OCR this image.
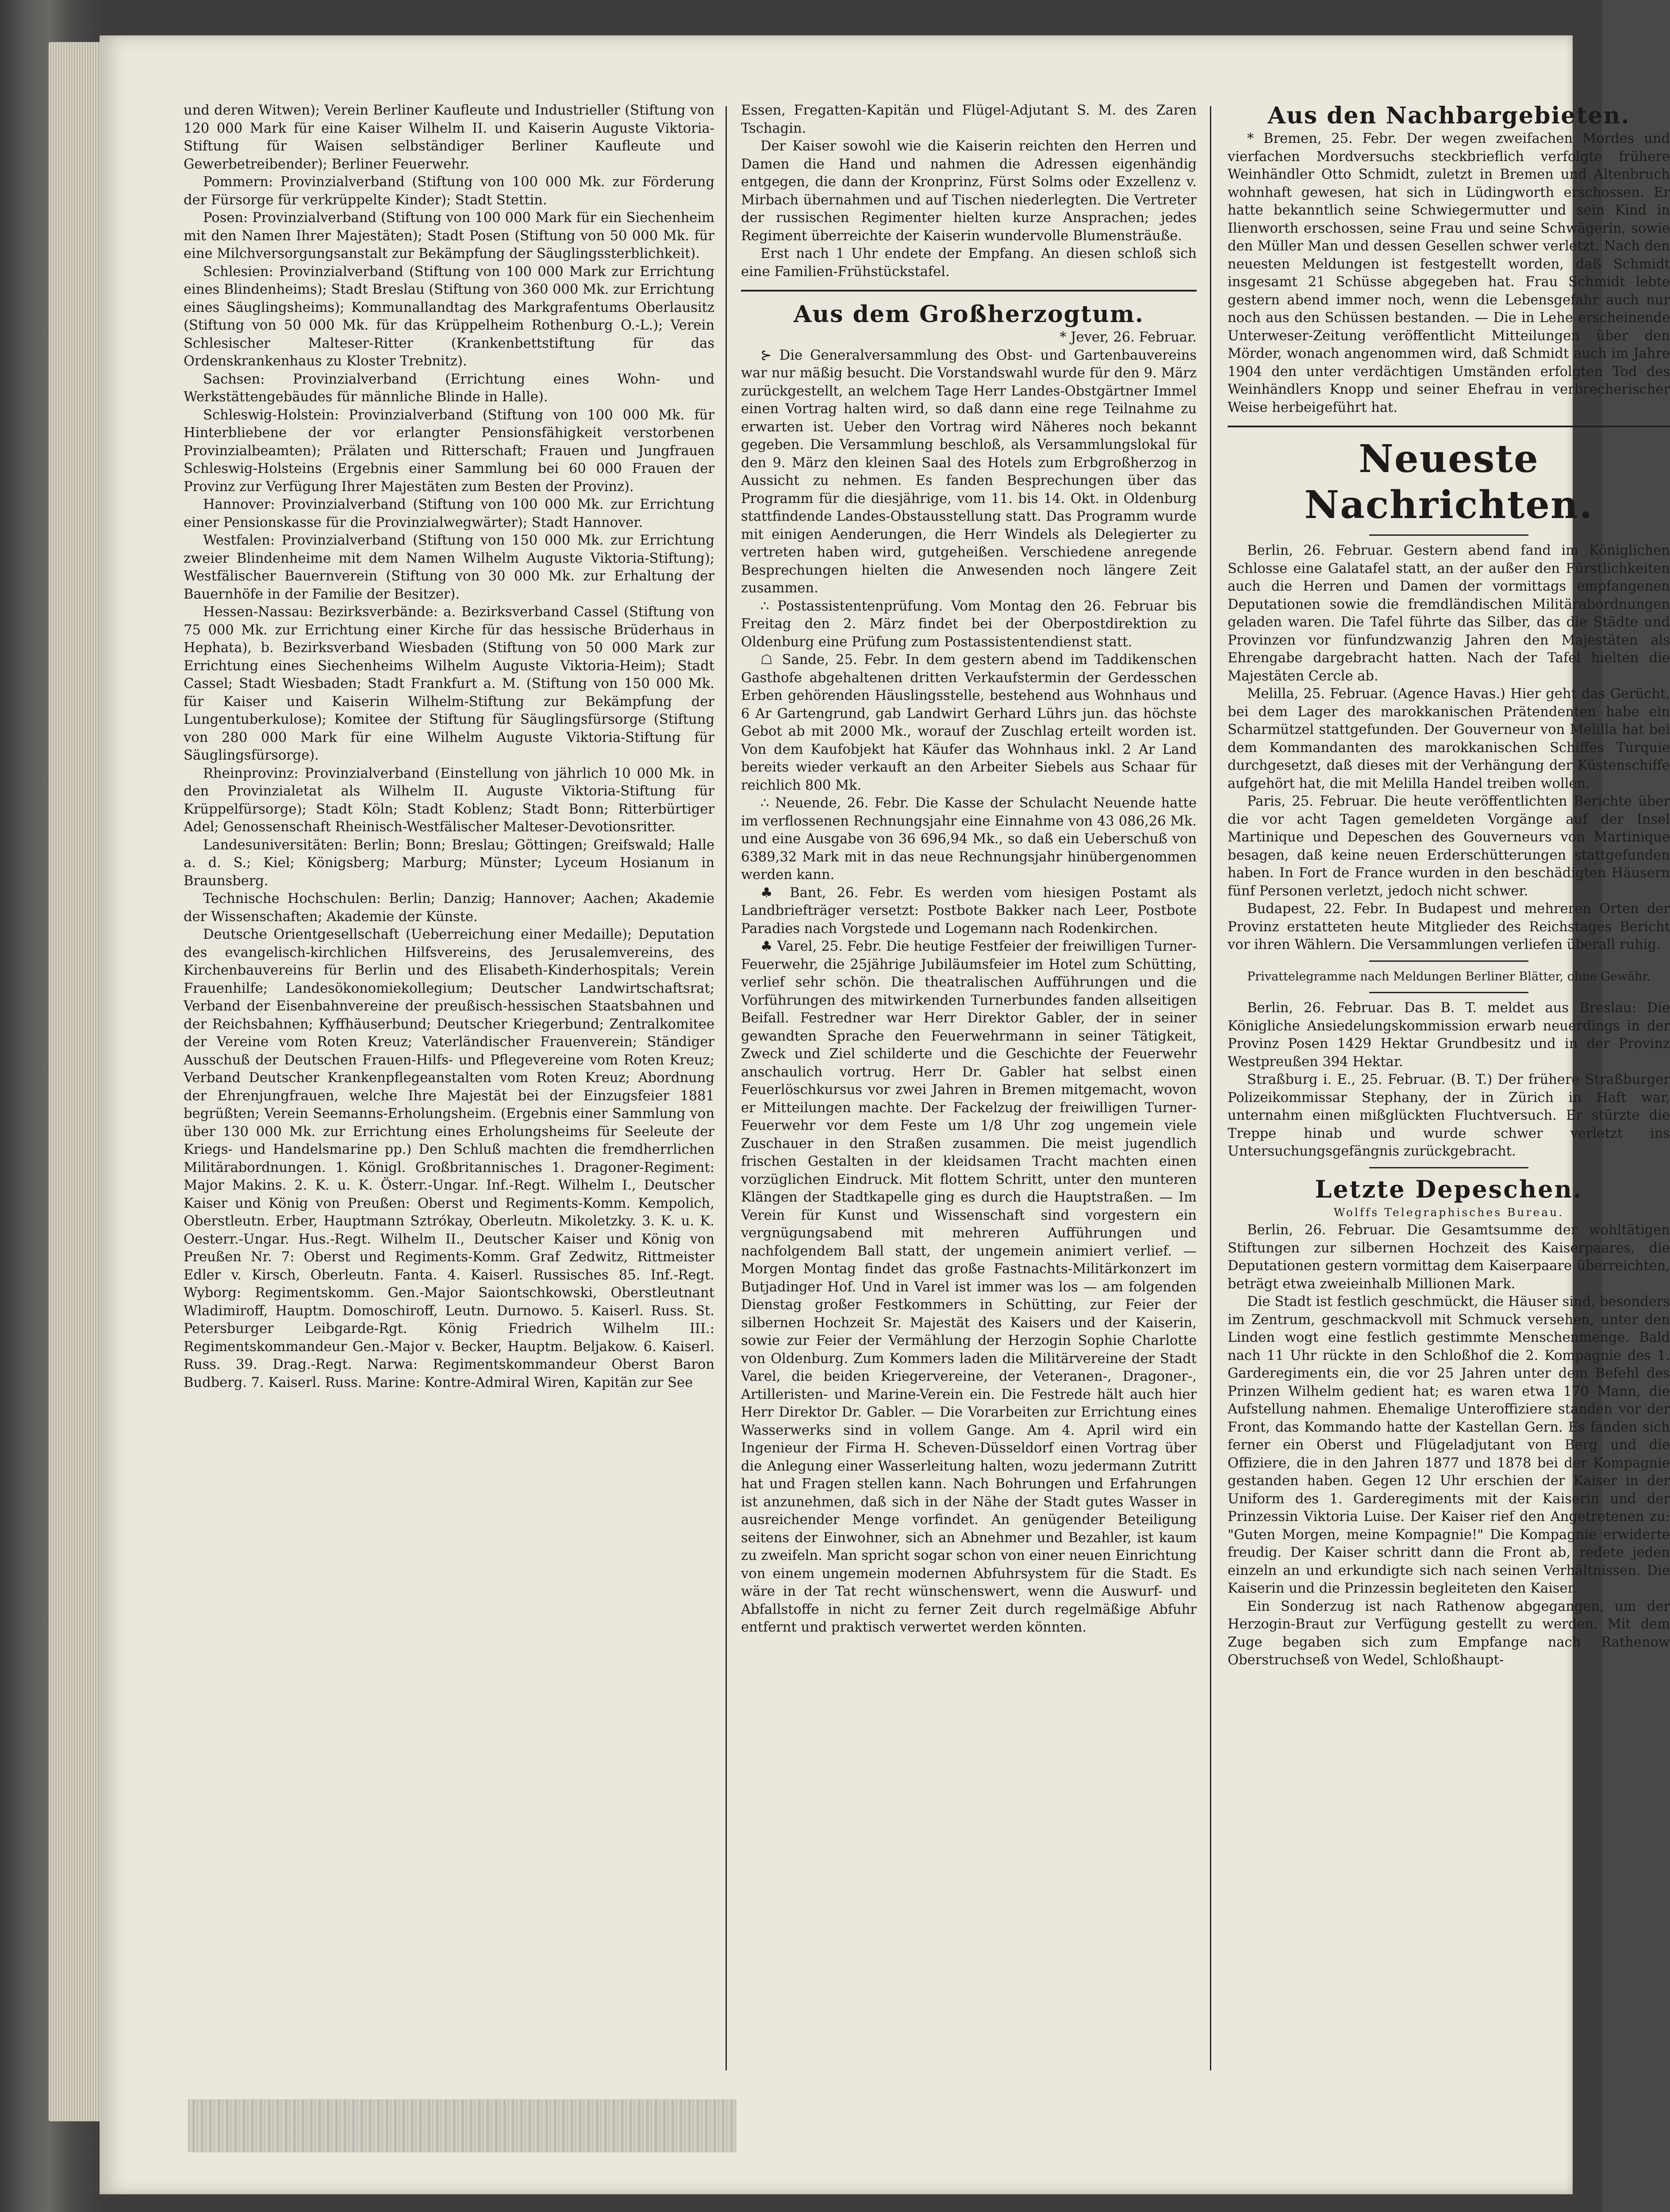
und deren Witwen); Verein Berliner Kaufleute und Industrieller (Stiftung von 120 000 Mark für eine Kaiser Wilhelm II. und Kaiserin Auguste Viktoria-Stiftung für Waisen selbständiger Berliner Kaufleute und Gewerbetreibender); Berliner Feuerwehr.

Pommern: Provinzialverband (Stiftung von 100 000 Mk. zur Förderung der Fürsorge für verkrüppelte Kinder); Stadt Stettin.

Posen: Provinzialverband (Stiftung von 100 000 Mark für ein Siechenheim mit den Namen Ihrer Majestäten); Stadt Posen (Stiftung von 50 000 Mk. für eine Milchversorgungsanstalt zur Bekämpfung der Säuglingssterblichkeit).

Schlesien: Provinzialverband (Stiftung von 100 000 Mark zur Errichtung eines Blindenheims); Stadt Breslau (Stiftung von 360 000 Mk. zur Errichtung eines Säuglingsheims); Kommunallandtag des Markgrafentums Oberlausitz (Stiftung von 50 000 Mk. für das Krüppelheim Rothenburg O.-L.); Verein Schlesischer Malteser-Ritter (Krankenbettstiftung für das Ordenskrankenhaus zu Kloster Trebnitz).

Sachsen: Provinzialverband (Errichtung eines Wohn- und Werkstättengebäudes für männliche Blinde in Halle).

Schleswig-Holstein: Provinzialverband (Stiftung von 100 000 Mk. für Hinterbliebene der vor erlangter Pensionsfähigkeit verstorbenen Provinzialbeamten); Prälaten und Ritterschaft; Frauen und Jungfrauen Schleswig-Holsteins (Ergebnis einer Sammlung bei 60 000 Frauen der Provinz zur Verfügung Ihrer Majestäten zum Besten der Provinz).

Hannover: Provinzialverband (Stiftung von 100 000 Mk. zur Errichtung einer Pensionskasse für die Provinzialwegwärter); Stadt Hannover.

Westfalen: Provinzialverband (Stiftung von 150 000 Mk. zur Errichtung zweier Blindenheime mit dem Namen Wilhelm Auguste Viktoria-Stiftung); Westfälischer Bauernverein (Stiftung von 30 000 Mk. zur Erhaltung der Bauernhöfe in der Familie der Besitzer).

Hessen-Nassau: Bezirksverbände: a. Bezirksverband Cassel (Stiftung von 75 000 Mk. zur Errichtung einer Kirche für das hessische Brüderhaus in Hephata), b. Bezirksverband Wiesbaden (Stiftung von 50 000 Mark zur Errichtung eines Siechenheims Wilhelm Auguste Viktoria-Heim); Stadt Cassel; Stadt Wiesbaden; Stadt Frankfurt a. M. (Stiftung von 150 000 Mk. für Kaiser und Kaiserin Wilhelm-Stiftung zur Bekämpfung der Lungentuberkulose); Komitee der Stiftung für Säuglingsfürsorge (Stiftung von 280 000 Mark für eine Wilhelm Auguste Viktoria-Stiftung für Säuglingsfürsorge).

Rheinprovinz: Provinzialverband (Einstellung von jährlich 10 000 Mk. in den Provinzialetat als Wilhelm II. Auguste Viktoria-Stiftung für Krüppelfürsorge); Stadt Köln; Stadt Koblenz; Stadt Bonn; Ritterbürtiger Adel; Genossenschaft Rheinisch-Westfälischer Malteser-Devotionsritter.

Landesuniversitäten: Berlin; Bonn; Breslau; Göttingen; Greifswald; Halle a. d. S.; Kiel; Königsberg; Marburg; Münster; Lyceum Hosianum in Braunsberg.

Technische Hochschulen: Berlin; Danzig; Hannover; Aachen; Akademie der Wissenschaften; Akademie der Künste.

Deutsche Orientgesellschaft (Ueberreichung einer Medaille); Deputation des evangelisch-kirchlichen Hilfsvereins, des Jerusalemvereins, des Kirchenbauvereins für Berlin und des Elisabeth-Kinderhospitals; Verein Frauenhilfe; Landesökonomiekollegium; Deutscher Landwirtschaftsrat; Verband der Eisenbahnvereine der preußisch-hessischen Staatsbahnen und der Reichsbahnen; Kyffhäuserbund; Deutscher Kriegerbund; Zentralkomitee der Vereine vom Roten Kreuz; Vaterländischer Frauenverein; Ständiger Ausschuß der Deutschen Frauen-Hilfs- und Pflegevereine vom Roten Kreuz; Verband Deutscher Krankenpflegeanstalten vom Roten Kreuz; Abordnung der Ehrenjungfrauen, welche Ihre Majestät bei der Einzugsfeier 1881 begrüßten; Verein Seemanns-Erholungsheim. (Ergebnis einer Sammlung von über 130 000 Mk. zur Errichtung eines Erholungsheims für Seeleute der Kriegs- und Handelsmarine pp.) Den Schluß machten die fremdherrlichen Militärabordnungen. 1. Königl. Großbritannisches 1. Dragoner-Regiment: Major Makins. 2. K. u. K. Österr.-Ungar. Inf.-Regt. Wilhelm I., Deutscher Kaiser und König von Preußen: Oberst und Regiments-Komm. Kempolich, Oberstleutn. Erber, Hauptmann Sztrókay, Oberleutn. Mikoletzky. 3. K. u. K. Oesterr.-Ungar. Hus.-Regt. Wilhelm II., Deutscher Kaiser und König von Preußen Nr. 7: Oberst und Regiments-Komm. Graf Zedwitz, Rittmeister Edler v. Kirsch, Oberleutn. Fanta. 4. Kaiserl. Russisches 85. Inf.-Regt. Wyborg: Regimentskomm. Gen.-Major Saiontschkowski, Oberstleutnant Wladimiroff, Hauptm. Domoschiroff, Leutn. Durnowo. 5. Kaiserl. Russ. St. Petersburger Leibgarde-Rgt. König Friedrich Wilhelm III.: Regimentskommandeur Gen.-Major v. Becker, Hauptm. Beljakow. 6. Kaiserl. Russ. 39. Drag.-Regt. Narwa: Regimentskommandeur Oberst Baron Budberg. 7. Kaiserl. Russ. Marine: Kontre-Admiral Wiren, Kapitän zur See

Essen, Fregatten-Kapitän und Flügel-Adjutant S. M. des Zaren Tschagin.

Der Kaiser sowohl wie die Kaiserin reichten den Herren und Damen die Hand und nahmen die Adressen eigenhändig entgegen, die dann der Kronprinz, Fürst Solms oder Exzellenz v. Mirbach übernahmen und auf Tischen niederlegten. Die Vertreter der russischen Regimenter hielten kurze Ansprachen; jedes Regiment überreichte der Kaiserin wundervolle Blumensträuße.

Erst nach 1 Uhr endete der Empfang. An diesen schloß sich eine Familien-Frühstückstafel.

Aus dem Großherzogtum.

* Jever, 26. Februar.

⊱ Die Generalversammlung des Obst- und Gartenbauvereins war nur mäßig besucht. Die Vorstandswahl wurde für den 9. März zurückgestellt, an welchem Tage Herr Landes-Obstgärtner Immel einen Vortrag halten wird, so daß dann eine rege Teilnahme zu erwarten ist. Ueber den Vortrag wird Näheres noch bekannt gegeben. Die Versammlung beschloß, als Versammlungslokal für den 9. März den kleinen Saal des Hotels zum Erbgroßherzog in Aussicht zu nehmen. Es fanden Besprechungen über das Programm für die diesjährige, vom 11. bis 14. Okt. in Oldenburg stattfindende Landes-Obstausstellung statt. Das Programm wurde mit einigen Aenderungen, die Herr Windels als Delegierter zu vertreten haben wird, gutgeheißen. Verschiedene anregende Besprechungen hielten die Anwesenden noch längere Zeit zusammen.

∴ Postassistentenprüfung. Vom Montag den 26. Februar bis Freitag den 2. März findet bei der Oberpostdirektion zu Oldenburg eine Prüfung zum Postassistentendienst statt.

☖ Sande, 25. Febr. In dem gestern abend im Taddikenschen Gasthofe abgehaltenen dritten Verkaufstermin der Gerdesschen Erben gehörenden Häuslingsstelle, bestehend aus Wohnhaus und 6 Ar Gartengrund, gab Landwirt Gerhard Lührs jun. das höchste Gebot ab mit 2000 Mk., worauf der Zuschlag erteilt worden ist. Von dem Kaufobjekt hat Käufer das Wohnhaus inkl. 2 Ar Land bereits wieder verkauft an den Arbeiter Siebels aus Schaar für reichlich 800 Mk.

∴ Neuende, 26. Febr. Die Kasse der Schulacht Neuende hatte im verflossenen Rechnungsjahr eine Einnahme von 43 086,26 Mk. und eine Ausgabe von 36 696,94 Mk., so daß ein Ueberschuß von 6389,32 Mark mit in das neue Rechnungsjahr hinübergenommen werden kann.

♣ Bant, 26. Febr. Es werden vom hiesigen Postamt als Landbriefträger versetzt: Postbote Bakker nach Leer, Postbote Paradies nach Vorgstede und Logemann nach Rodenkirchen.

♣ Varel, 25. Febr. Die heutige Festfeier der freiwilligen Turner-Feuerwehr, die 25jährige Jubiläumsfeier im Hotel zum Schütting, verlief sehr schön. Die theatralischen Aufführungen und die Vorführungen des mitwirkenden Turnerbundes fanden allseitigen Beifall. Festredner war Herr Direktor Gabler, der in seiner gewandten Sprache den Feuerwehrmann in seiner Tätigkeit, Zweck und Ziel schilderte und die Geschichte der Feuerwehr anschaulich vortrug. Herr Dr. Gabler hat selbst einen Feuerlöschkursus vor zwei Jahren in Bremen mitgemacht, wovon er Mitteilungen machte. Der Fackelzug der freiwilligen Turner-Feuerwehr vor dem Feste um 1/8 Uhr zog ungemein viele Zuschauer in den Straßen zusammen. Die meist jugendlich frischen Gestalten in der kleidsamen Tracht machten einen vorzüglichen Eindruck. Mit flottem Schritt, unter den munteren Klängen der Stadtkapelle ging es durch die Hauptstraßen. — Im Verein für Kunst und Wissenschaft sind vorgestern ein vergnügungsabend mit mehreren Aufführungen und nachfolgendem Ball statt, der ungemein animiert verlief. — Morgen Montag findet das große Fastnachts-Militärkonzert im Butjadinger Hof. Und in Varel ist immer was los — am folgenden Dienstag großer Festkommers in Schütting, zur Feier der silbernen Hochzeit Sr. Majestät des Kaisers und der Kaiserin, sowie zur Feier der Vermählung der Herzogin Sophie Charlotte von Oldenburg. Zum Kommers laden die Militärvereine der Stadt Varel, die beiden Kriegervereine, der Veteranen-, Dragoner-, Artilleristen- und Marine-Verein ein. Die Festrede hält auch hier Herr Direktor Dr. Gabler. — Die Vorarbeiten zur Errichtung eines Wasserwerks sind in vollem Gange. Am 4. April wird ein Ingenieur der Firma H. Scheven-Düsseldorf einen Vortrag über die Anlegung einer Wasserleitung halten, wozu jedermann Zutritt hat und Fragen stellen kann. Nach Bohrungen und Erfahrungen ist anzunehmen, daß sich in der Nähe der Stadt gutes Wasser in ausreichender Menge vorfindet. An genügender Beteiligung seitens der Einwohner, sich an Abnehmer und Bezahler, ist kaum zu zweifeln. Man spricht sogar schon von einer neuen Einrichtung von einem ungemein modernen Abfuhrsystem für die Stadt. Es wäre in der Tat recht wünschenswert, wenn die Auswurf- und Abfallstoffe in nicht zu ferner Zeit durch regelmäßige Abfuhr entfernt und praktisch verwertet werden könnten.

Aus den Nachbargebieten.

* Bremen, 25. Febr. Der wegen zweifachen Mordes und vierfachen Mordversuchs steckbrieflich verfolgte frühere Weinhändler Otto Schmidt, zuletzt in Bremen und Altenbruch wohnhaft gewesen, hat sich in Lüdingworth erschossen. Er hatte bekanntlich seine Schwiegermutter und sein Kind in Ilienworth erschossen, seine Frau und seine Schwägerin, sowie den Müller Man und dessen Gesellen schwer verletzt. Nach den neuesten Meldungen ist festgestellt worden, daß Schmidt insgesamt 21 Schüsse abgegeben hat. Frau Schmidt lebte gestern abend immer noch, wenn die Lebensgefahr auch nur noch aus den Schüssen bestanden. — Die in Lehe erscheinende Unterweser-Zeitung veröffentlicht Mitteilungen über den Mörder, wonach angenommen wird, daß Schmidt auch im Jahre 1904 den unter verdächtigen Umständen erfolgten Tod des Weinhändlers Knopp und seiner Ehefrau in verbrecherischer Weise herbeigeführt hat.

Neueste Nachrichten.

Berlin, 26. Februar. Gestern abend fand im Königlichen Schlosse eine Galatafel statt, an der außer den Fürstlichkeiten auch die Herren und Damen der vormittags empfangenen Deputationen sowie die fremdländischen Militärabordnungen geladen waren. Die Tafel führte das Silber, das die Städte und Provinzen vor fünfundzwanzig Jahren den Majestäten als Ehrengabe dargebracht hatten. Nach der Tafel hielten die Majestäten Cercle ab.

Melilla, 25. Februar. (Agence Havas.) Hier geht das Gerücht, bei dem Lager des marokkanischen Prätendenten habe ein Scharmützel stattgefunden. Der Gouverneur von Melilla hat bei dem Kommandanten des marokkanischen Schiffes Turquie durchgesetzt, daß dieses mit der Verhängung der Küstenschiffe aufgehört hat, die mit Melilla Handel treiben wollen.

Paris, 25. Februar. Die heute veröffentlichten Berichte über die vor acht Tagen gemeldeten Vorgänge auf der Insel Martinique und Depeschen des Gouverneurs von Martinique besagen, daß keine neuen Erderschütterungen stattgefunden haben. In Fort de France wurden in den beschädigten Häusern fünf Personen verletzt, jedoch nicht schwer.

Budapest, 22. Febr. In Budapest und mehreren Orten der Provinz erstatteten heute Mitglieder des Reichstages Bericht vor ihren Wählern. Die Versammlungen verliefen überall ruhig.

Privattelegramme nach Meldungen Berliner Blätter, ohne Gewähr.

Berlin, 26. Februar. Das B. T. meldet aus Breslau: Die Königliche Ansiedelungskommission erwarb neuerdings in der Provinz Posen 1429 Hektar Grundbesitz und in der Provinz Westpreußen 394 Hektar.

Straßburg i. E., 25. Februar. (B. T.) Der frühere Straßburger Polizeikommissar Stephany, der in Zürich in Haft war, unternahm einen mißglückten Fluchtversuch. Er stürzte die Treppe hinab und wurde schwer verletzt ins Untersuchungsgefängnis zurückgebracht.

Letzte Depeschen.

Wolffs Telegraphisches Bureau.

Berlin, 26. Februar. Die Gesamtsumme der wohltätigen Stiftungen zur silbernen Hochzeit des Kaiserpaares, die Deputationen gestern vormittag dem Kaiserpaare überreichten, beträgt etwa zweieinhalb Millionen Mark.

Die Stadt ist festlich geschmückt, die Häuser sind, besonders im Zentrum, geschmackvoll mit Schmuck versehen, unter den Linden wogt eine festlich gestimmte Menschenmenge. Bald nach 11 Uhr rückte in den Schloßhof die 2. Kompagnie des 1. Garderegiments ein, die vor 25 Jahren unter dem Befehl des Prinzen Wilhelm gedient hat; es waren etwa 170 Mann, die Aufstellung nahmen. Ehemalige Unteroffiziere standen vor der Front, das Kommando hatte der Kastellan Gern. Es fanden sich ferner ein Oberst und Flügeladjutant von Berg und die Offiziere, die in den Jahren 1877 und 1878 bei der Kompagnie gestanden haben. Gegen 12 Uhr erschien der Kaiser in der Uniform des 1. Garderegiments mit der Kaiserin und der Prinzessin Viktoria Luise. Der Kaiser rief den Angetretenen zu: "Guten Morgen, meine Kompagnie!" Die Kompagnie erwiderte freudig. Der Kaiser schritt dann die Front ab, redete jeden einzeln an und erkundigte sich nach seinen Verhältnissen. Die Kaiserin und die Prinzessin begleiteten den Kaiser.

Ein Sonderzug ist nach Rathenow abgegangen, um der Herzogin-Braut zur Verfügung gestellt zu werden. Mit dem Zuge begaben sich zum Empfange nach Rathenow Oberstruchseß von Wedel, Schloßhaupt-
